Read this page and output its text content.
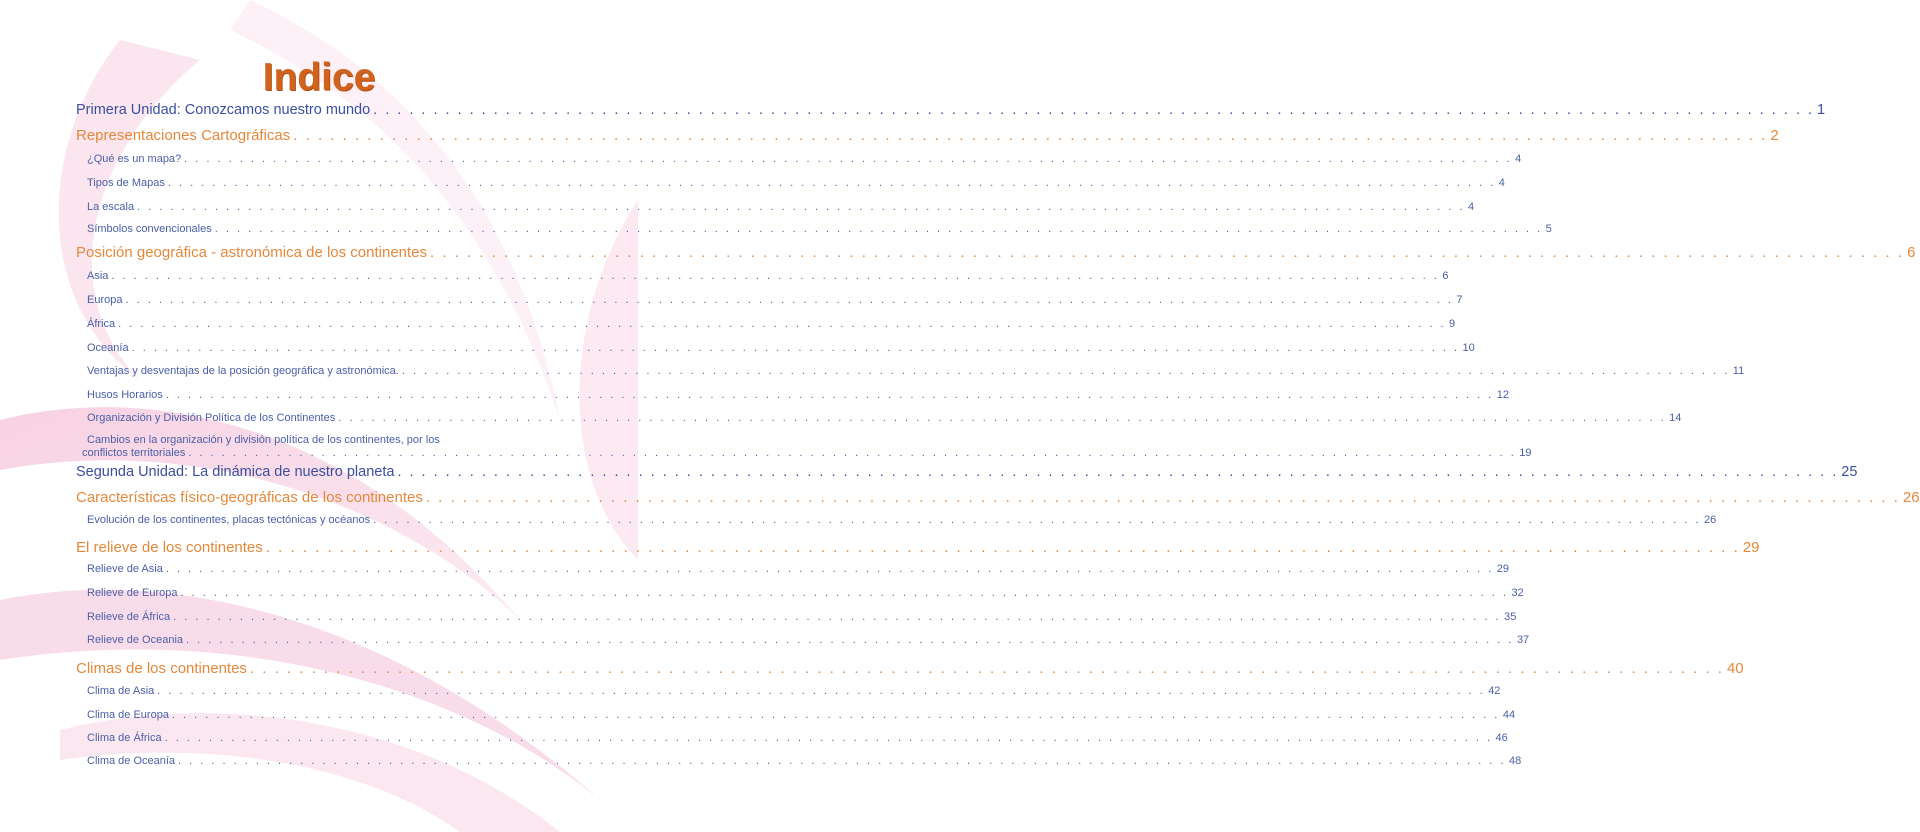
Indice
Primera Unidad: Conozcamos nuestro mundo . . . . . . . . . . . . . . . . . . . . . . . . . . . . . . . . . . . . . . . . . . . . . . . . . . . . . . . . . . . . . . . . . . . . . . . . . . . . . . . . . . . . . . . . . . . . . . . . . . . . . . . . . . . . . . . . . . . . . . . . 1
Representaciones Cartográficas . . . . . . . . . . . . . . . . . . . . . . . . . . . . . . . . . . . . . . . . . . . . . . . . . . . . . . . . . . . . . . . . . . . . . . . . . . . . . . . . . . . . . . . . . . . . . . . . . . . . . . . . . . . . . . . . . . . . . . . . 2
¿Qué es un mapa? . . . . . . . . . . . . . . . . . . . . . . . . . . . . . . . . . . . . . . . . . . . . . . . . . . . . . . . . . . . . . . . . . . . . . . . . . . . . . . . . . . . . . . . . . . . . . . . . . . . . . . . . . . . . . . . . . . . . . . . . 4
Tipos de Mapas . . . . . . . . . . . . . . . . . . . . . . . . . . . . . . . . . . . . . . . . . . . . . . . . . . . . . . . . . . . . . . . . . . . . . . . . . . . . . . . . . . . . . . . . . . . . . . . . . . . . . . . . . . . . . . . . . . . . . . . . 4
La escala . . . . . . . . . . . . . . . . . . . . . . . . . . . . . . . . . . . . . . . . . . . . . . . . . . . . . . . . . . . . . . . . . . . . . . . . . . . . . . . . . . . . . . . . . . . . . . . . . . . . . . . . . . . . . . . . . . . . . . . . 4
Símbolos convencionales . . . . . . . . . . . . . . . . . . . . . . . . . . . . . . . . . . . . . . . . . . . . . . . . . . . . . . . . . . . . . . . . . . . . . . . . . . . . . . . . . . . . . . . . . . . . . . . . . . . . . . . . . . . . . . . . . . . . . . . . 5
Posición geográfica - astronómica de los continentes . . . . . . . . . . . . . . . . . . . . . . . . . . . . . . . . . . . . . . . . . . . . . . . . . . . . . . . . . . . . . . . . . . . . . . . . . . . . . . . . . . . . . . . . . . . . . . . . . . . . . . . . . . . . . . . . . . . . . . . . 6
Asia . . . . . . . . . . . . . . . . . . . . . . . . . . . . . . . . . . . . . . . . . . . . . . . . . . . . . . . . . . . . . . . . . . . . . . . . . . . . . . . . . . . . . . . . . . . . . . . . . . . . . . . . . . . . . . . . . . . . . . . . 6
Europa . . . . . . . . . . . . . . . . . . . . . . . . . . . . . . . . . . . . . . . . . . . . . . . . . . . . . . . . . . . . . . . . . . . . . . . . . . . . . . . . . . . . . . . . . . . . . . . . . . . . . . . . . . . . . . . . . . . . . . . . 7
África . . . . . . . . . . . . . . . . . . . . . . . . . . . . . . . . . . . . . . . . . . . . . . . . . . . . . . . . . . . . . . . . . . . . . . . . . . . . . . . . . . . . . . . . . . . . . . . . . . . . . . . . . . . . . . . . . . . . . . . . 9
Oceanía . . . . . . . . . . . . . . . . . . . . . . . . . . . . . . . . . . . . . . . . . . . . . . . . . . . . . . . . . . . . . . . . . . . . . . . . . . . . . . . . . . . . . . . . . . . . . . . . . . . . . . . . . . . . . . . . . . . . . . . . 10
Ventajas y desventajas de la posición geográfica y astronómica. . . . . . . . . . . . . . . . . . . . . . . . . . . . . . . . . . . . . . . . . . . . . . . . . . . . . . . . . . . . . . . . . . . . . . . . . . . . . . . . . . . . . . . . . . . . . . . . . . . . . . . . . . . . . . . . . . . . . . . . . 11
Husos Horarios . . . . . . . . . . . . . . . . . . . . . . . . . . . . . . . . . . . . . . . . . . . . . . . . . . . . . . . . . . . . . . . . . . . . . . . . . . . . . . . . . . . . . . . . . . . . . . . . . . . . . . . . . . . . . . . . . . . . . . . . 12
Organización y División Política de los Continentes . . . . . . . . . . . . . . . . . . . . . . . . . . . . . . . . . . . . . . . . . . . . . . . . . . . . . . . . . . . . . . . . . . . . . . . . . . . . . . . . . . . . . . . . . . . . . . . . . . . . . . . . . . . . . . . . . . . . . . . . 14
Cambios en la organización y división política de los continentes, por los
conflictos territoriales . . . . . . . . . . . . . . . . . . . . . . . . . . . . . . . . . . . . . . . . . . . . . . . . . . . . . . . . . . . . . . . . . . . . . . . . . . . . . . . . . . . . . . . . . . . . . . . . . . . . . . . . . . . . . . . . . . . . . . . . 19
Segunda Unidad: La dinámica de nuestro planeta . . . . . . . . . . . . . . . . . . . . . . . . . . . . . . . . . . . . . . . . . . . . . . . . . . . . . . . . . . . . . . . . . . . . . . . . . . . . . . . . . . . . . . . . . . . . . . . . . . . . . . . . . . . . . . . . . . . . . . . . 25
Características físico-geográficas de los continentes . . . . . . . . . . . . . . . . . . . . . . . . . . . . . . . . . . . . . . . . . . . . . . . . . . . . . . . . . . . . . . . . . . . . . . . . . . . . . . . . . . . . . . . . . . . . . . . . . . . . . . . . . . . . . . . . . . . . . . . . 26
Evolución de los continentes, placas tectónicas y océanos . . . . . . . . . . . . . . . . . . . . . . . . . . . . . . . . . . . . . . . . . . . . . . . . . . . . . . . . . . . . . . . . . . . . . . . . . . . . . . . . . . . . . . . . . . . . . . . . . . . . . . . . . . . . . . . . . . . . . . . . 26
El relieve de los continentes . . . . . . . . . . . . . . . . . . . . . . . . . . . . . . . . . . . . . . . . . . . . . . . . . . . . . . . . . . . . . . . . . . . . . . . . . . . . . . . . . . . . . . . . . . . . . . . . . . . . . . . . . . . . . . . . . . . . . . . . 29
Relieve de Asia . . . . . . . . . . . . . . . . . . . . . . . . . . . . . . . . . . . . . . . . . . . . . . . . . . . . . . . . . . . . . . . . . . . . . . . . . . . . . . . . . . . . . . . . . . . . . . . . . . . . . . . . . . . . . . . . . . . . . . . . 29
Relieve de Europa . . . . . . . . . . . . . . . . . . . . . . . . . . . . . . . . . . . . . . . . . . . . . . . . . . . . . . . . . . . . . . . . . . . . . . . . . . . . . . . . . . . . . . . . . . . . . . . . . . . . . . . . . . . . . . . . . . . . . . . . 32
Relieve de África . . . . . . . . . . . . . . . . . . . . . . . . . . . . . . . . . . . . . . . . . . . . . . . . . . . . . . . . . . . . . . . . . . . . . . . . . . . . . . . . . . . . . . . . . . . . . . . . . . . . . . . . . . . . . . . . . . . . . . . . 35
Relieve de Oceania . . . . . . . . . . . . . . . . . . . . . . . . . . . . . . . . . . . . . . . . . . . . . . . . . . . . . . . . . . . . . . . . . . . . . . . . . . . . . . . . . . . . . . . . . . . . . . . . . . . . . . . . . . . . . . . . . . . . . . . . 37
Climas de los continentes . . . . . . . . . . . . . . . . . . . . . . . . . . . . . . . . . . . . . . . . . . . . . . . . . . . . . . . . . . . . . . . . . . . . . . . . . . . . . . . . . . . . . . . . . . . . . . . . . . . . . . . . . . . . . . . . . . . . . . . . 40
Clima de Asia . . . . . . . . . . . . . . . . . . . . . . . . . . . . . . . . . . . . . . . . . . . . . . . . . . . . . . . . . . . . . . . . . . . . . . . . . . . . . . . . . . . . . . . . . . . . . . . . . . . . . . . . . . . . . . . . . . . . . . . . 42
Clima de Europa . . . . . . . . . . . . . . . . . . . . . . . . . . . . . . . . . . . . . . . . . . . . . . . . . . . . . . . . . . . . . . . . . . . . . . . . . . . . . . . . . . . . . . . . . . . . . . . . . . . . . . . . . . . . . . . . . . . . . . . . 44
Clima de África . . . . . . . . . . . . . . . . . . . . . . . . . . . . . . . . . . . . . . . . . . . . . . . . . . . . . . . . . . . . . . . . . . . . . . . . . . . . . . . . . . . . . . . . . . . . . . . . . . . . . . . . . . . . . . . . . . . . . . . . 46
Clima de Oceanía . . . . . . . . . . . . . . . . . . . . . . . . . . . . . . . . . . . . . . . . . . . . . . . . . . . . . . . . . . . . . . . . . . . . . . . . . . . . . . . . . . . . . . . . . . . . . . . . . . . . . . . . . . . . . . . . . . . . . . . . 48
